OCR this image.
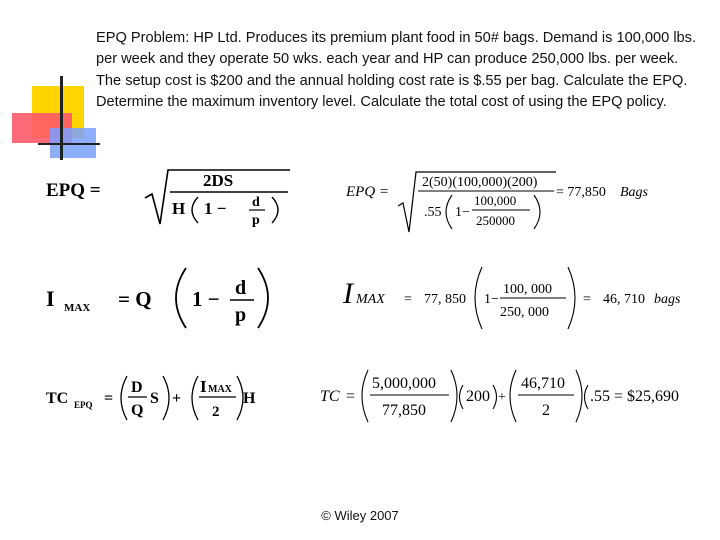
EPQ Problem: HP Ltd. Produces its premium plant food in 50# bags. Demand is 100,000 lbs. per week and they operate 50 wks. each year and HP can produce 250,000 lbs. per week. The setup cost is $200 and the annual holding cost rate is $.55 per bag. Calculate the EPQ. Determine the maximum inventory level. Calculate the total cost of using the EPQ policy.
EPQ =	2DS
H 1 − d
p
EPQ =
2(50)(100,000)(200)
.55 1−
100,000
250000
= 77,850 Bags
I MAX = Q 1 − d
p
I MAX = 77, 850 1−
100, 000
250, 000
= 46, 710 bags
TC EPQ =
D
Q
S +
I MAX
2
H	TC =
5,000,000
77,850
200 +
46,710
2
.55 = $25,690
© Wiley 2007
